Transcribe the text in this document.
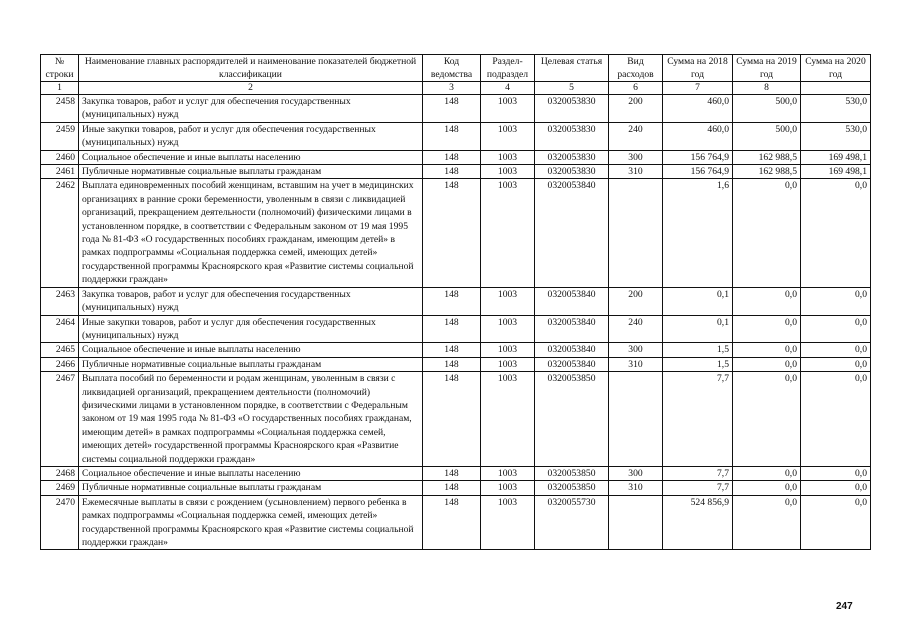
№ строки	Наименование главных распорядителей и наименование показателей бюджетной классификации	Код ведомства	Раздел-подраздел	Целевая статья	Вид расходов	Сумма на 2018 год	Сумма на 2019 год	Сумма на 2020 год
1	2	3	4	5	6	7	8	
2458	Закупка товаров, работ и услуг для обеспечения государственных (муниципальных) нужд	148	1003	0320053830	200	460,0	500,0	530,0
2459	Иные закупки товаров, работ и услуг для обеспечения государственных (муниципальных) нужд	148	1003	0320053830	240	460,0	500,0	530,0
2460	Социальное обеспечение и иные выплаты населению	148	1003	0320053830	300	156 764,9	162 988,5	169 498,1
2461	Публичные нормативные социальные выплаты гражданам	148	1003	0320053830	310	156 764,9	162 988,5	169 498,1
2462	Выплата единовременных пособий женщинам, вставшим на учет в медицинских организациях в ранние сроки беременности, уволенным в связи с ликвидацией организаций, прекращением деятельности (полномочий) физическими лицами в установленном порядке, в соответствии с Федеральным законом от 19 мая 1995 года № 81-ФЗ «О государственных пособиях гражданам, имеющим детей» в рамках подпрограммы «Социальная поддержка семей, имеющих детей» государственной программы Красноярского края «Развитие системы социальной поддержки граждан»	148	1003	0320053840		1,6	0,0	0,0
2463	Закупка товаров, работ и услуг для обеспечения государственных (муниципальных) нужд	148	1003	0320053840	200	0,1	0,0	0,0
2464	Иные закупки товаров, работ и услуг для обеспечения государственных (муниципальных) нужд	148	1003	0320053840	240	0,1	0,0	0,0
2465	Социальное обеспечение и иные выплаты населению	148	1003	0320053840	300	1,5	0,0	0,0
2466	Публичные нормативные социальные выплаты гражданам	148	1003	0320053840	310	1,5	0,0	0,0
2467	Выплата пособий по беременности и родам женщинам, уволенным в связи с ликвидацией организаций, прекращением деятельности (полномочий) физическими лицами в установленном порядке, в соответствии с Федеральным законом от 19 мая 1995 года № 81-ФЗ «О государственных пособиях гражданам, имеющим детей» в рамках подпрограммы «Социальная поддержка семей, имеющих детей» государственной программы Красноярского края «Развитие системы социальной поддержки граждан»	148	1003	0320053850		7,7	0,0	0,0
2468	Социальное обеспечение и иные выплаты населению	148	1003	0320053850	300	7,7	0,0	0,0
2469	Публичные нормативные социальные выплаты гражданам	148	1003	0320053850	310	7,7	0,0	0,0
2470	Ежемесячные выплаты в связи с рождением (усыновлением) первого ребенка в рамках подпрограммы «Социальная поддержка семей, имеющих детей» государственной программы Красноярского края «Развитие системы социальной поддержки граждан»	148	1003	0320055730		524 856,9	0,0	0,0
247
